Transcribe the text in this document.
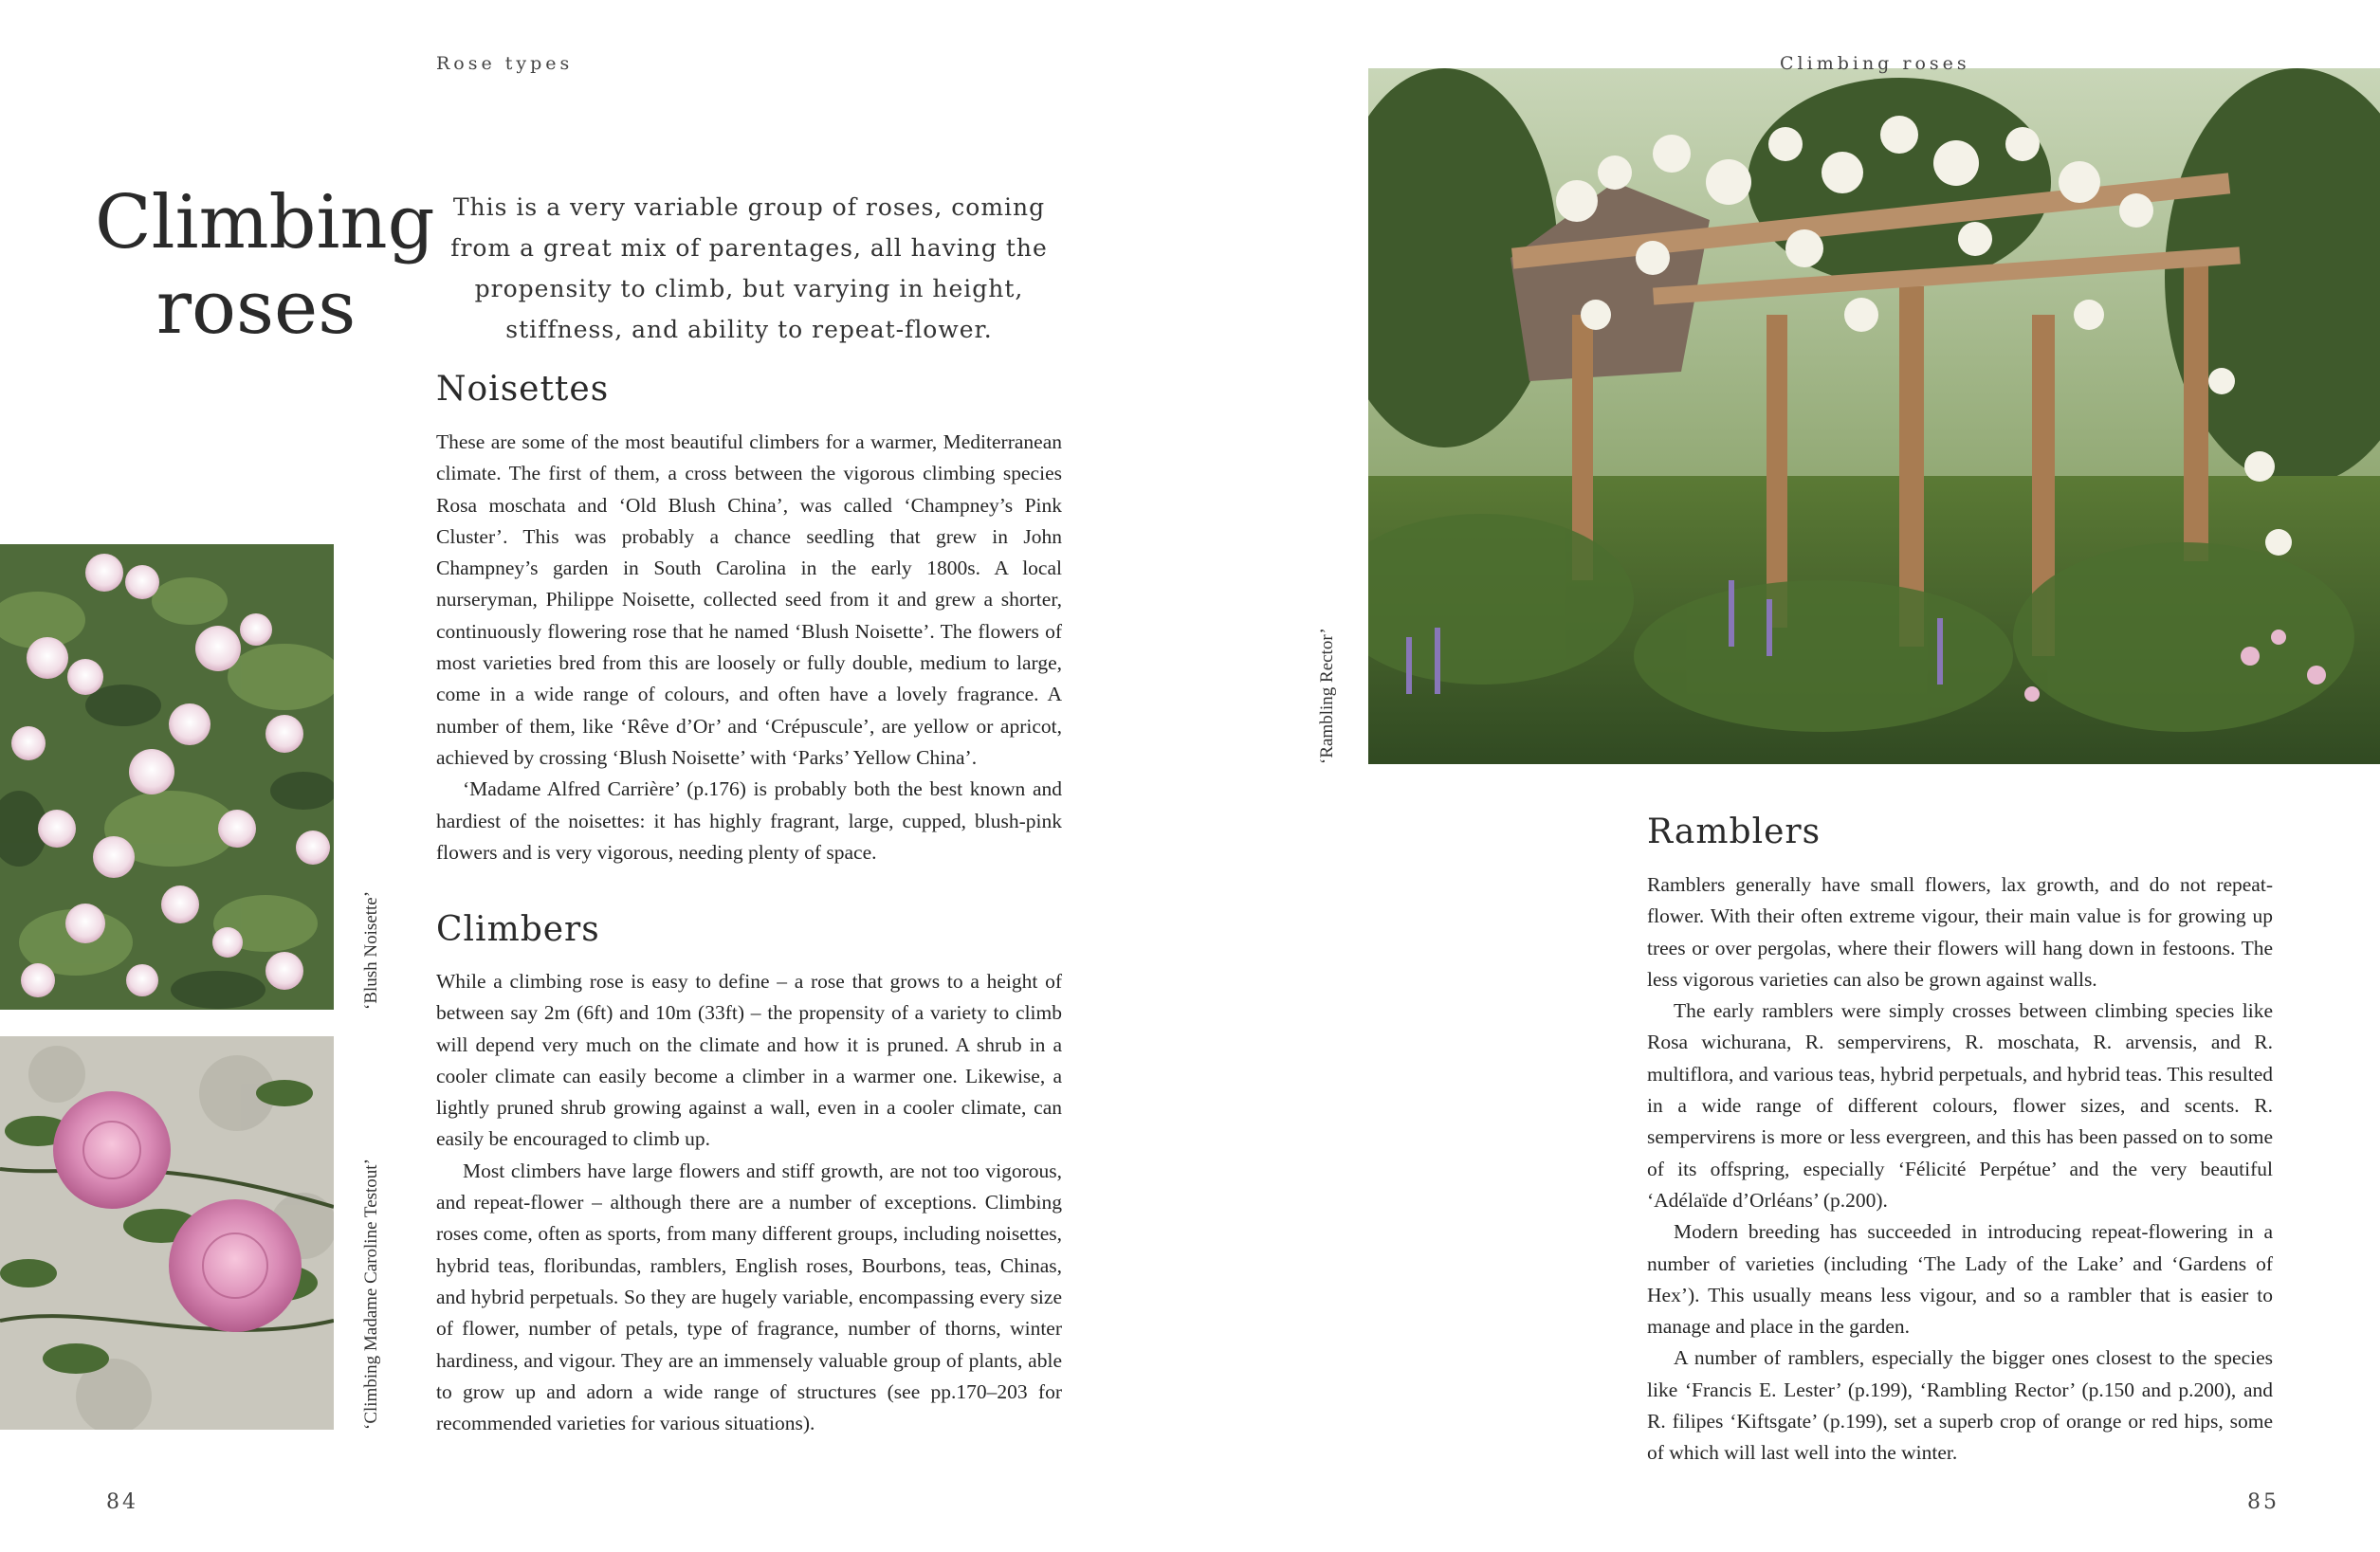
Rose types
Climbing
roses
This is a very variable group of roses, coming from a great mix of parentages, all having the propensity to climb, but varying in height, stiffness, and ability to repeat-flower.
Noisettes

These are some of the most beautiful climbers for a warmer, Mediterranean climate. The first of them, a cross between the vigorous climbing species Rosa moschata and ‘Old Blush China’, was called ‘Champney’s Pink Cluster’. This was probably a chance seedling that grew in John Champney’s garden in South Carolina in the early 1800s. A local nurseryman, Philippe Noisette, collected seed from it and grew a shorter, continuously flowering rose that he named ‘Blush Noisette’. The flowers of most varieties bred from this are loosely or fully double, medium to large, come in a wide range of colours, and often have a lovely fragrance. A number of them, like ‘Rêve d’Or’ and ‘Crépuscule’, are yellow or apricot, achieved by crossing ‘Blush Noisette’ with ‘Parks’ Yellow China’.

‘Madame Alfred Carrière’ (p.176) is probably both the best known and hardiest of the noisettes: it has highly fragrant, large, cupped, blush-pink flowers and is very vigorous, needing plenty of space.

Climbers

While a climbing rose is easy to define – a rose that grows to a height of between say 2m (6ft) and 10m (33ft) – the propensity of a variety to climb will depend very much on the climate and how it is pruned. A shrub in a cooler climate can easily become a climber in a warmer one. Likewise, a lightly pruned shrub growing against a wall, even in a cooler climate, can easily be encouraged to climb up.

Most climbers have large flowers and stiff growth, are not too vigorous, and repeat-flower – although there are a number of exceptions. Climbing roses come, often as sports, from many different groups, including noisettes, hybrid teas, floribundas, ramblers, English roses, Bourbons, teas, Chinas, and hybrid perpetuals. So they are hugely variable, encompassing every size of flower, number of petals, type of fragrance, number of thorns, winter hardiness, and vigour. They are an immensely valuable group of plants, able to grow up and adorn a wide range of structures (see pp.170–203 for recommended varieties for various situations).

‘Blush Noisette’
‘Climbing Madame Caroline Testout’
84
Climbing roses
‘Rambling Rector’
Ramblers

Ramblers generally have small flowers, lax growth, and do not repeat-flower. With their often extreme vigour, their main value is for growing up trees or over pergolas, where their flowers will hang down in festoons. The less vigorous varieties can also be grown against walls.

The early ramblers were simply crosses between climbing species like Rosa wichurana, R. sempervirens, R. moschata, R. arvensis, and R. multiflora, and various teas, hybrid perpetuals, and hybrid teas. This resulted in a wide range of different colours, flower sizes, and scents. R. sempervirens is more or less evergreen, and this has been passed on to some of its offspring, especially ‘Félicité Perpétue’ and the very beautiful ‘Adélaïde d’Orléans’ (p.200).

Modern breeding has succeeded in introducing repeat-flowering in a number of varieties (including ‘The Lady of the Lake’ and ‘Gardens of Hex’). This usually means less vigour, and so a rambler that is easier to manage and place in the garden.

A number of ramblers, especially the bigger ones closest to the species like ‘Francis E. Lester’ (p.199), ‘Rambling Rector’ (p.150 and p.200), and R. filipes ‘Kiftsgate’ (p.199), set a superb crop of orange or red hips, some of which will last well into the winter.

85
